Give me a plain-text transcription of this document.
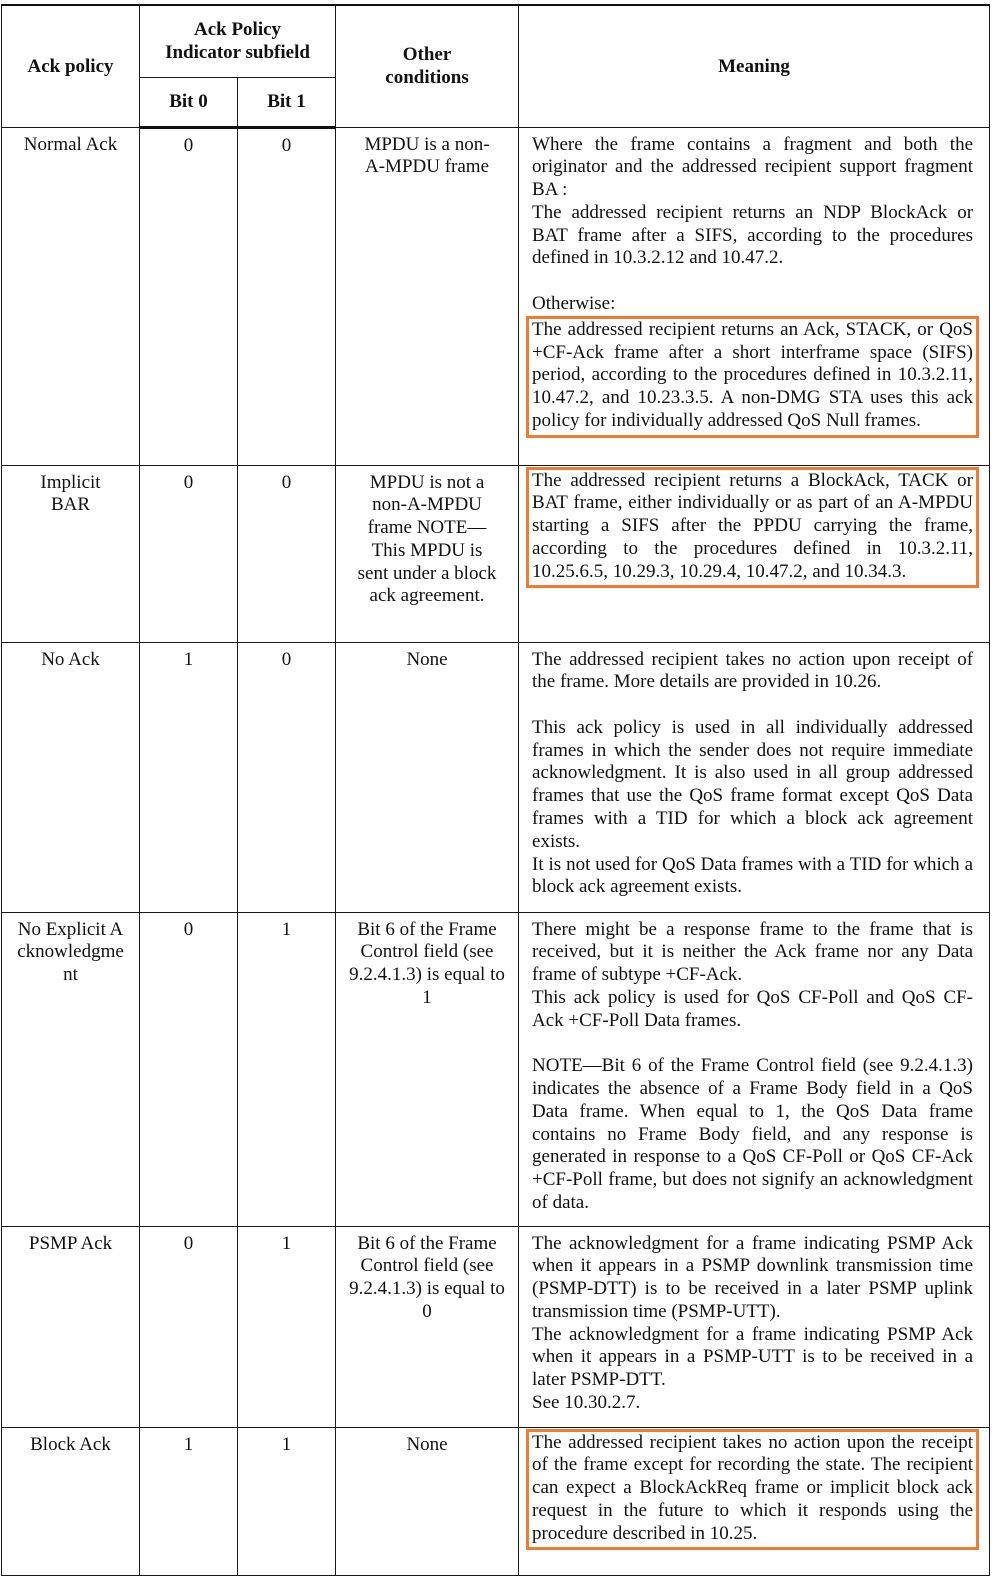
Ack policy	Ack Policy Indicator subfield		Other conditions	Meaning
	Bit 0	Bit 1		
Normal Ack	0	0	MPDU is a non-A-MPDU frame	Where the frame contains a fragment and both the originator and the addressed recipient support fragment BA :

The addressed recipient returns an NDP BlockAck or BAT frame after a SIFS, according to the procedures defined in 10.3.2.12 and 10.47.2.

Otherwise:

The addressed recipient returns an Ack, STACK, or QoS +CF-Ack frame after a short interframe space (SIFS) period, according to the procedures defined in 10.3.2.11, 10.47.2, and 10.23.3.5. A non-DMG STA uses this ack policy for individually addressed QoS Null frames.

Implicit BAR	0	0	MPDU is not a non-A-MPDU frame NOTE—This MPDU is sent under a block ack agreement.	The addressed recipient returns a BlockAck, TACK or BAT frame, either individually or as part of an A-MPDU starting a SIFS after the PPDU carrying the frame, according to the procedures defined in 10.3.2.11, 10.25.6.5, 10.29.3, 10.29.4, 10.47.2, and 10.34.3.

No Ack	1	0	None	The addressed recipient takes no action upon receipt of the frame. More details are provided in 10.26.

This ack policy is used in all individually addressed frames in which the sender does not require immediate acknowledgment. It is also used in all group addressed frames that use the QoS frame format except QoS Data frames with a TID for which a block ack agreement exists.

It is not used for QoS Data frames with a TID for which a block ack agreement exists.

No Explicit Acknowledgment	0	1	Bit 6 of the Frame Control field (see 9.2.4.1.3) is equal to 1	There might be a response frame to the frame that is received, but it is neither the Ack frame nor any Data frame of subtype +CF-Ack.

This ack policy is used for QoS CF-Poll and QoS CF-Ack +CF-Poll Data frames.

NOTE—Bit 6 of the Frame Control field (see 9.2.4.1.3) indicates the absence of a Frame Body field in a QoS Data frame. When equal to 1, the QoS Data frame contains no Frame Body field, and any response is generated in response to a QoS CF-Poll or QoS CF-Ack +CF-Poll frame, but does not signify an acknowledgment of data.

PSMP Ack	0	1	Bit 6 of the Frame Control field (see 9.2.4.1.3) is equal to 0	The acknowledgment for a frame indicating PSMP Ack when it appears in a PSMP downlink transmission time (PSMP-DTT) is to be received in a later PSMP uplink transmission time (PSMP-UTT).

The acknowledgment for a frame indicating PSMP Ack when it appears in a PSMP-UTT is to be received in a later PSMP-DTT.

See 10.30.2.7.

Block Ack	1	1	None	The addressed recipient takes no action upon the receipt of the frame except for recording the state. The recipient can expect a BlockAckReq frame or implicit block ack request in the future to which it responds using the procedure described in 10.25.
